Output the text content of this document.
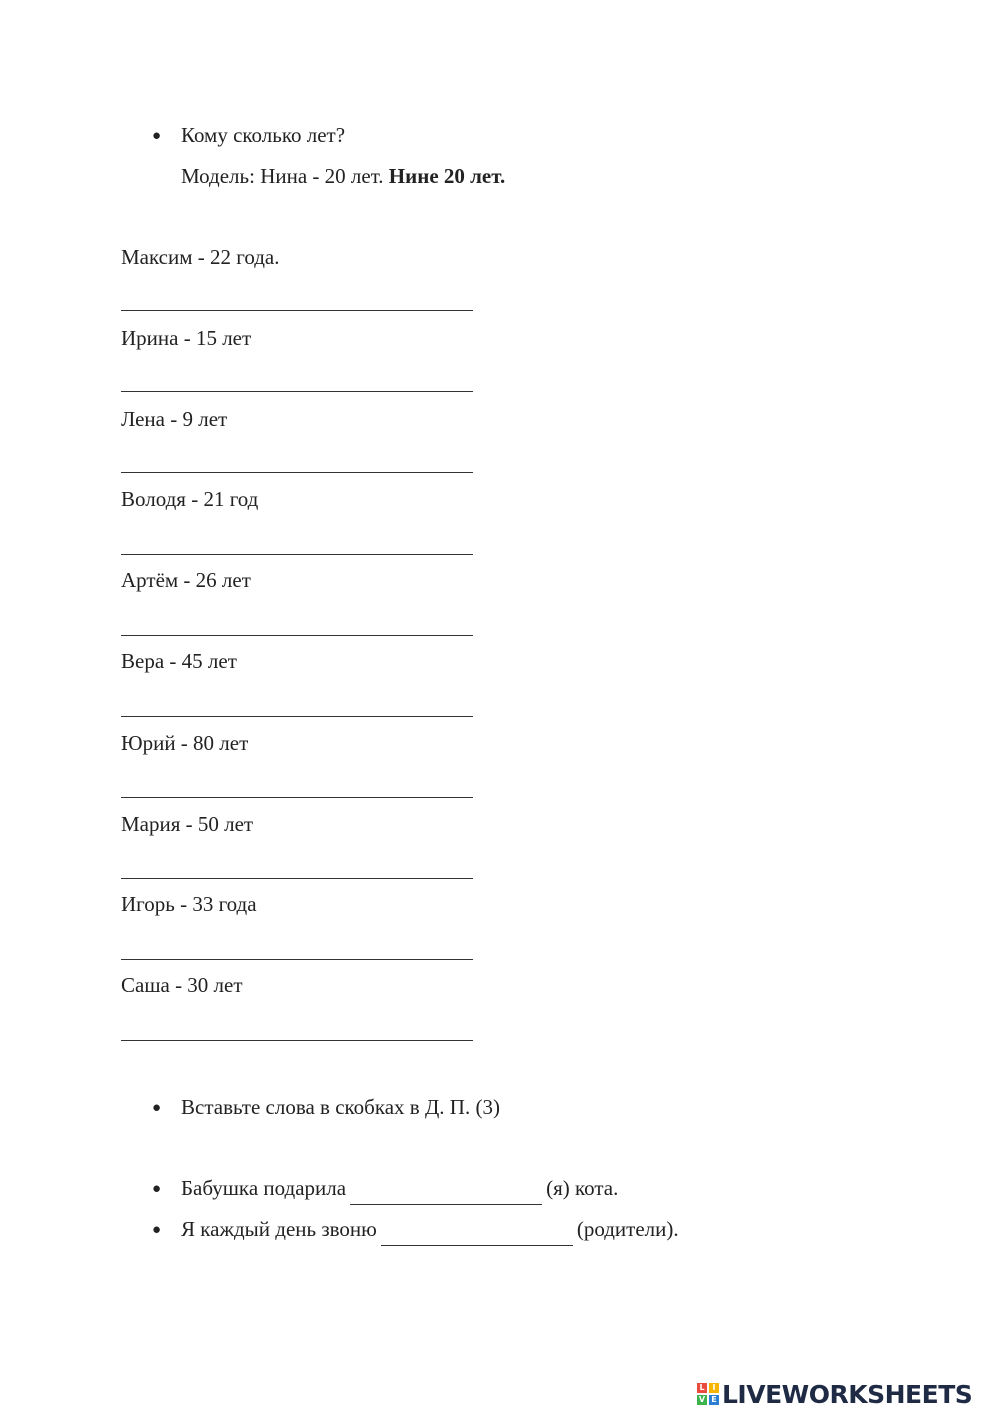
● Кому сколько лет?
Модель: Нина - 20 лет. Нине 20 лет.
Максим - 22 года.
Ирина - 15 лет
Лена - 9 лет
Володя - 21 год
Артём - 26 лет
Вера - 45 лет
Юрий - 80 лет
Мария - 50 лет
Игорь - 33 года
Саша - 30 лет
● Вставьте слова в скобках в Д. П. (3)
● Бабушка подарила	(я) кота.
● Я каждый день звоню	(родители).
L I
V E LIVEWORKSHEETS
